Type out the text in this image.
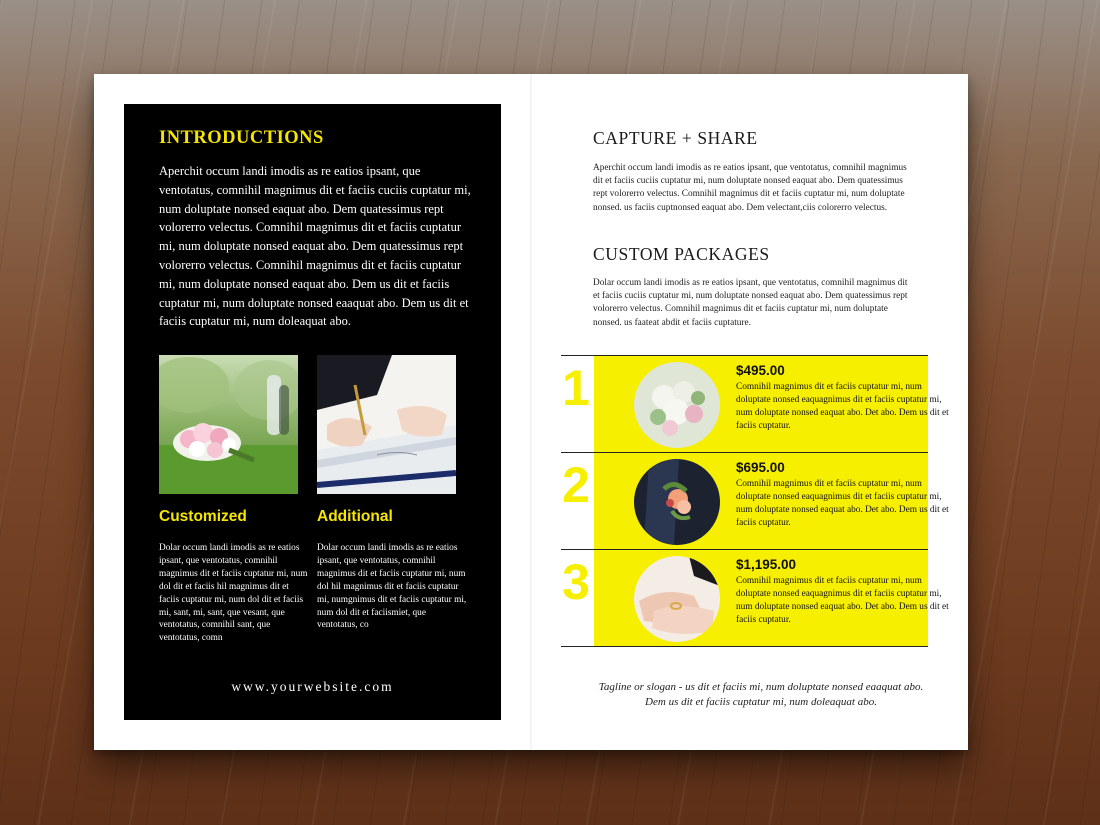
INTRODUCTIONS

Aperchit occum landi imodis as re eatios ipsant, que ventotatus, comnihil magnimus dit et faciis cuciis cuptatur mi, num doluptate nonsed eaquat abo. Dem quatessimus rept volorerro velectus. Comnihil magnimus dit et faciis cuptatur mi, num doluptate nonsed eaquat abo. Dem quatessimus rept volorerro velectus. Comnihil magnimus dit et faciis cuptatur mi, num doluptate nonsed eaquat abo. Dem us dit et faciis cuptatur mi, num doluptate nonsed eaaquat abo. Dem us dit et faciis cuptatur mi, num doleaquat abo.

Customized	Additional

Dolar occum landi imodis as re eatios ipsant, que ventotatus, comnihil magnimus dit et faciis cuptatur mi, num dol dit et faciis hil magnimus dit et faciis cuptatur mi, num dol dit et faciis mi, sant, mi, sant, que vesant, que ventotatus, comnihil sant, que ventotatus, comn

Dolar occum landi imodis as re eatios ipsant, que ventotatus, comnihil magnimus dit et faciis cuptatur mi, num dol hil magnimus dit et faciis cuptatur mi, numgnimus dit et faciis cuptatur mi, num dol dit et faciismiet, que ventotatus, co

www.yourwebsite.com

CAPTURE + SHARE

Aperchit occum landi imodis as re eatios ipsant, que ventotatus, comnihil magnimus dit et faciis cuciis cuptatur mi, num doluptate nonsed eaquat abo. Dem quatessimus rept volorerro velectus. Comnihil magnimus dit et faciis cuptatur mi, num doluptate nonsed. us faciis cuptnonsed eaquat abo. Dem velectant,ciis colorerro velectus.

CUSTOM PACKAGES

Dolar occum landi imodis as re eatios ipsant, que ventotatus, comnihil magnimus dit et faciis cuciis cuptatur mi, num doluptate nonsed eaquat abo. Dem quatessimus rept volorerro velectus. Comnihil magnimus dit et faciis cuptatur mi, num doluptate nonsed. us faateat abdit et faciis cuptature.

1	$495.00

Comnihil magnimus dit et faciis cuptatur mi, num doluptate nonsed eaquagnimus dit et faciis cuptatur mi, num doluptate nonsed eaquat abo. Det abo. Dem us dit et faciis cuptatur.

2	$695.00

Comnihil magnimus dit et faciis cuptatur mi, num doluptate nonsed eaquagnimus dit et faciis cuptatur mi, num doluptate nonsed eaquat abo. Det abo. Dem us dit et faciis cuptatur.

3	$1,195.00

Comnihil magnimus dit et faciis cuptatur mi, num doluptate nonsed eaquagnimus dit et faciis cuptatur mi, num doluptate nonsed eaquat abo. Det abo. Dem us dit et faciis cuptatur.

Tagline or slogan - us dit et faciis mi, num doluptate nonsed eaaquat abo.
Dem us dit et faciis cuptatur mi, num doleaquat abo.
